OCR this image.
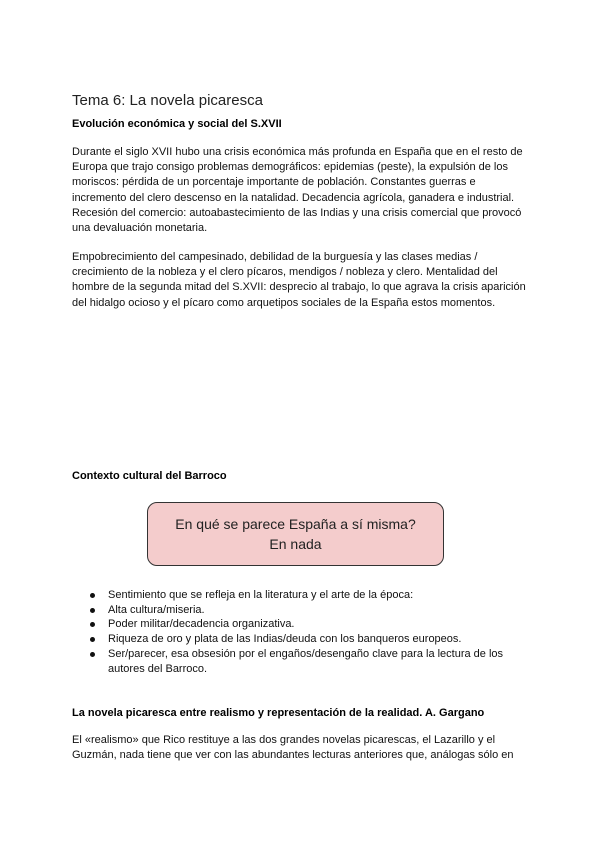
Tema 6: La novela picaresca
Evolución económica y social del S.XVII

Durante el siglo XVII hubo una crisis económica más profunda en España que en el resto de Europa que trajo consigo problemas demográficos: epidemias (peste), la expulsión de los moriscos: pérdida de un porcentaje importante de población. Constantes guerras e incremento del clero descenso en la natalidad. Decadencia agrícola, ganadera e industrial. Recesión del comercio: autoabastecimiento de las Indias y una crisis comercial que provocó una devaluación monetaria.

Empobrecimiento del campesinado, debilidad de la burguesía y las clases medias / crecimiento de la nobleza y el clero pícaros, mendigos / nobleza y clero. Mentalidad del hombre de la segunda mitad del S.XVII: desprecio al trabajo, lo que agrava la crisis aparición del hidalgo ocioso y el pícaro como arquetipos sociales de la España estos momentos.

Contexto cultural del Barroco
En qué se parece España a sí misma?
En nada
Sentimiento que se refleja en la literatura y el arte de la época:
Alta cultura/miseria.
Poder militar/decadencia organizativa.
Riqueza de oro y plata de las Indias/deuda con los banqueros europeos.
Ser/parecer, esa obsesión por el engaños/desengaño clave para la lectura de los autores del Barroco.
La novela picaresca entre realismo y representación de la realidad. A. Gargano

El «realismo» que Rico restituye a las dos grandes novelas picarescas, el Lazarillo y el Guzmán, nada tiene que ver con las abundantes lecturas anteriores que, análogas sólo en
